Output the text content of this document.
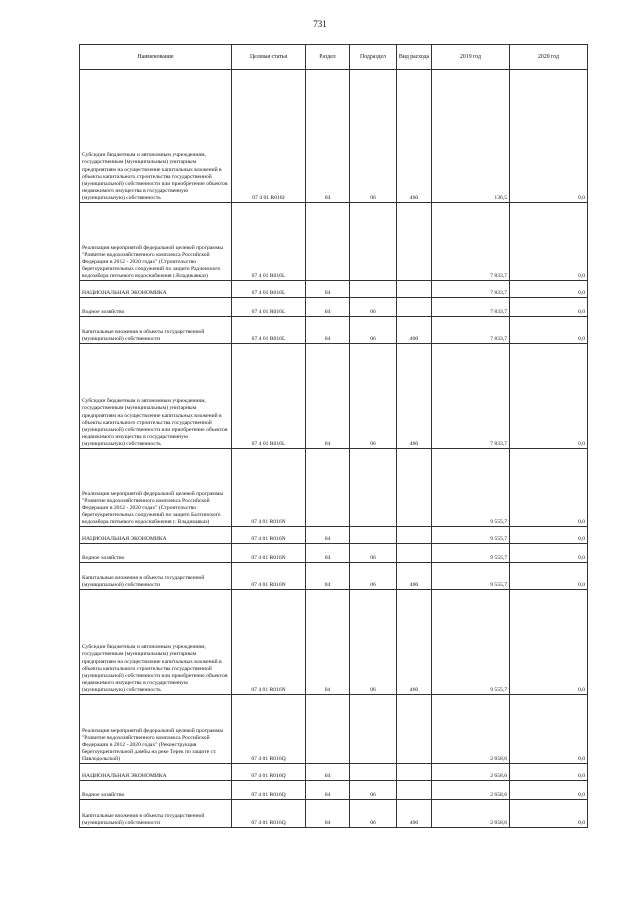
731
Наименование	Целевая статья	Раздел	Подраздел	Вид расхода	2019 год	2020 год

Субсидии бюджетным и автономным учреждениям, государственным (муниципальным) унитарным предприятиям на осуществление капитальных вложений в объекты капитального строительства государственной (муниципальной) собственности или приобретение объектов недвижимого имущества в государственную (муниципальную) собственность	07 4 01 R016J	04	06	460	136,5	0,0

Реализация мероприятий федеральной целевой программы "Развитие водохозяйственного комплекса Российской Федерации в 2012 - 2020 годах" (Строительство берегоукрепительных сооружений по защите Радченского водозабора питьевого водоснабжения г.Владикавказ)	07 4 01 R016L				7 833,7	0,0

НАЦИОНАЛЬНАЯ ЭКОНОМИКА	07 4 01 R016L	04			7 833,7	0,0

Водное хозяйство	07 4 01 R016L	04	06		7 833,7	0,0

Капитальные вложения в объекты государственной (муниципальной) собственности	07 4 01 R016L	04	06	400	7 833,7	0,0

Субсидии бюджетным и автономным учреждениям, государственным (муниципальным) унитарным предприятиям на осуществление капитальных вложений в объекты капитального строительства государственной (муниципальной) собственности или приобретение объектов недвижимого имущества в государственную (муниципальную) собственность	07 4 01 R016L	04	06	460	7 833,7	0,0

Реализация мероприятий федеральной целевой программы "Развитие водохозяйственного комплекса Российской Федерации в 2012 - 2020 годах" (Строительство берегоукрепительных сооружений по защите Балтинского водозабора питьевого водоснабжения г. Владикавказ)	07 4 01 R016N				9 555,7	0,0

НАЦИОНАЛЬНАЯ ЭКОНОМИКА	07 4 01 R016N	04			9 555,7	0,0

Водное хозяйство	07 4 01 R016N	04	06		9 555,7	0,0

Капитальные вложения в объекты государственной (муниципальной) собственности	07 4 01 R016N	04	06	400	9 555,7	0,0

Субсидии бюджетным и автономным учреждениям, государственным (муниципальным) унитарным предприятиям на осуществление капитальных вложений в объекты капитального строительства государственной (муниципальной) собственности или приобретение объектов недвижимого имущества в государственную (муниципальную) собственность	07 4 01 R016N	04	06	460	9 555,7	0,0

Реализация мероприятий федеральной целевой программы "Развитие водохозяйственного комплекса Российской Федерации в 2012 - 2020 годах" (Реконструкция берегоукрепительной дамбы на реке Терек по защите ст. Павлодольской)	07 4 01 R016Q				2 658,6	0,0

НАЦИОНАЛЬНАЯ ЭКОНОМИКА	07 4 01 R016Q	04			2 658,6	0,0

Водное хозяйство	07 4 01 R016Q	04	06		2 658,6	0,0

Капитальные вложения в объекты государственной (муниципальной) собственности	07 4 01 R016Q	04	06	400	2 658,6	0,0
